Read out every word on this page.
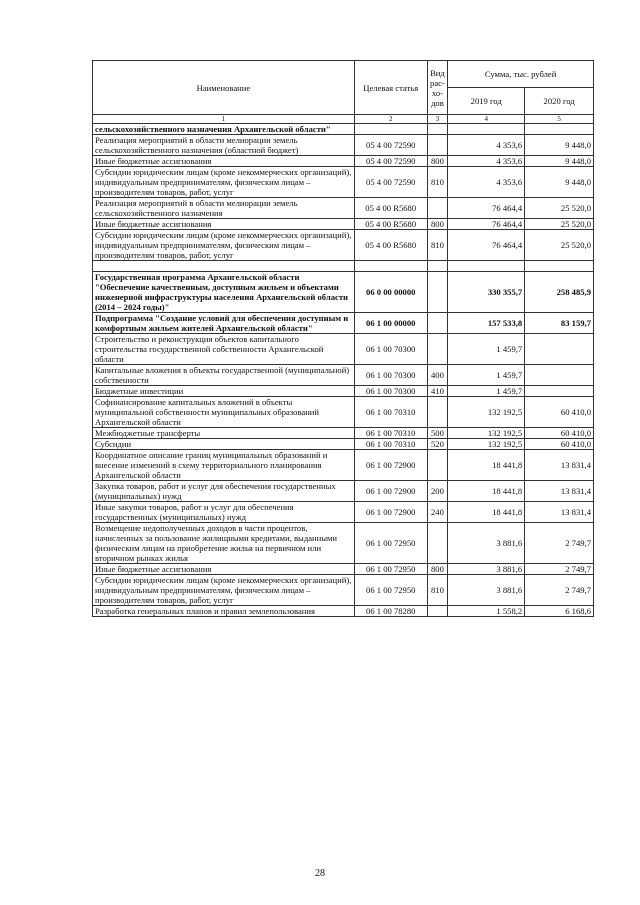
Наименование	Целевая статья	Вид рас-хо-дов	Сумма, тыс. рублей	
			2019 год	2020 год
1	2	3	4	5
сельскохозяйственного назначения Архангельской области"				
Реализация мероприятий в области мелиорации земель сельскохозяйственного назначения (областной бюджет)	05 4 00 72590		4 353,6	9 448,0
Иные бюджетные ассигнования	05 4 00 72590	800	4 353,6	9 448,0
Субсидии юридическим лицам (кроме некоммерческих организаций), индивидуальным предпринимателям, физическим лицам – производителям товаров, работ, услуг	05 4 00 72590	810	4 353,6	9 448,0
Реализация мероприятий в области мелиорации земель сельскохозяйственного назначения	05 4 00 R5680		76 464,4	25 520,0
Иные бюджетные ассигнования	05 4 00 R5680	800	76 464,4	25 520,0
Субсидии юридическим лицам (кроме некоммерческих организаций), индивидуальным предпринимателям, физическим лицам – производителям товаров, работ, услуг	05 4 00 R5680	810	76 464,4	25 520,0

Государственная программа Архангельской области "Обеспечение качественным, доступным жильем и объектами инженерной инфраструктуры населения Архангельской области (2014 – 2024 годы)"	06 0 00 00000		330 355,7	258 485,9
Подпрограмма "Создание условий для обеспечения доступным и комфортным жильем жителей Архангельской области"	06 1 00 00000		157 533,8	83 159,7
Строительство и реконструкция объектов капитального строительства государственной собственности Архангельской области	06 1 00 70300		1 459,7	
Капитальные вложения в объекты государственной (муниципальной) собственности	06 1 00 70300	400	1 459,7	
Бюджетные инвестиции	06 1 00 70300	410	1 459,7	
Софинансирование капитальных вложений в объекты муниципальной собственности муниципальных образований Архангельской области	06 1 00 70310		132 192,5	60 410,0
Межбюджетные трансферты	06 1 00 70310	500	132 192,5	60 410,0
Субсидии	06 1 00 70310	520	132 192,5	60 410,0
Координатное описание границ муниципальных образований и внесение изменений в схему территориального планирования Архангельской области	06 1 00 72900		18 441,8	13 831,4
Закупка товаров, работ и услуг для обеспечения государственных (муниципальных) нужд	06 1 00 72900	200	18 441,8	13 831,4
Иные закупки товаров, работ и услуг для обеспечения государственных (муниципальных) нужд	06 1 00 72900	240	18 441,8	13 831,4
Возмещение недополученных доходов в части процентов, начисленных за пользование жилищными кредитами, выданными физическим лицам на приобретение жилья на первичном или вторичном рынках жилья	06 1 00 72950		3 881,6	2 749,7
Иные бюджетные ассигнования	06 1 00 72950	800	3 881,6	2 749,7
Субсидии юридическим лицам (кроме некоммерческих организаций), индивидуальным предпринимателям, физическим лицам – производителям товаров, работ, услуг	06 1 00 72950	810	3 881,6	2 749,7
Разработка генеральных планов и правил землепользования	06 1 00 78280		1 558,2	6 168,6
28
